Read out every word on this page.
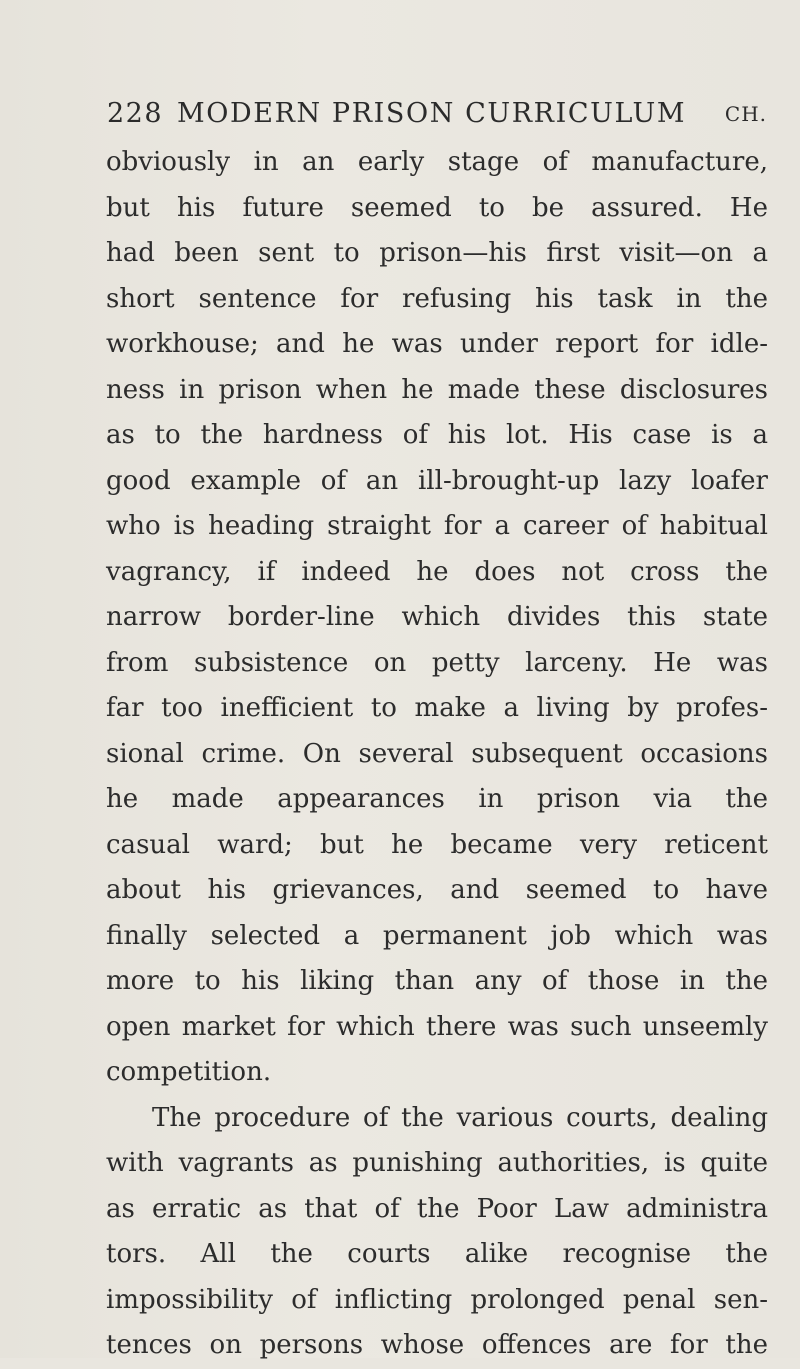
228 MODERN PRISON CURRICULUM CH.
obviously in an early stage of manufacture,
but his future seemed to be assured. He
had been sent to prison—his first visit—on a
short sentence for refusing his task in the
workhouse; and he was under report for idle-
ness in prison when he made these disclosures
as to the hardness of his lot. His case is a
good example of an ill-brought-up lazy loafer
who is heading straight for a career of habitual
vagrancy, if indeed he does not cross the
narrow border-line which divides this state
from subsistence on petty larceny. He was
far too inefficient to make a living by profes-
sional crime. On several subsequent occasions
he made appearances in prison via the
casual ward; but he became very reticent
about his grievances, and seemed to have
finally selected a permanent job which was
more to his liking than any of those in the
open market for which there was such unseemly
competition.
The procedure of the various courts, dealing
with vagrants as punishing authorities, is quite
as erratic as that of the Poor Law administra
tors. All the courts alike recognise the
impossibility of inflicting prolonged penal sen-
tences on persons whose offences are for the
